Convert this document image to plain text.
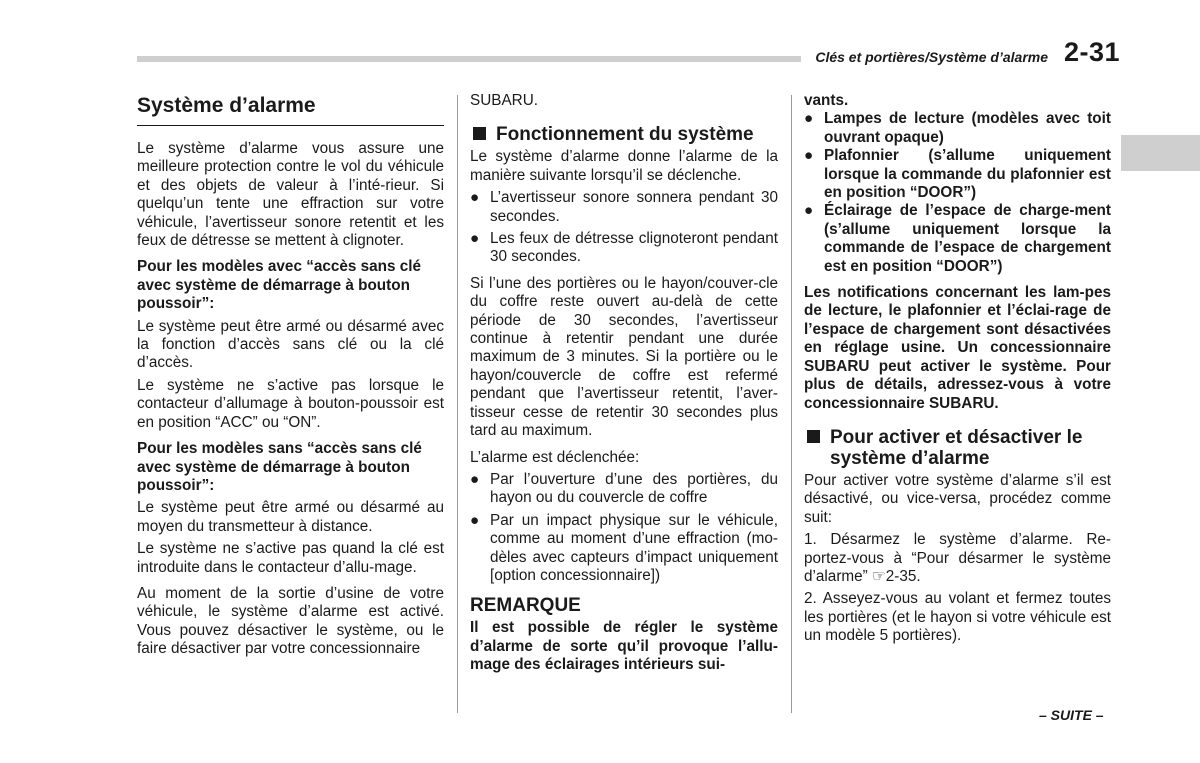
Clés et portières/Système d’alarme 2-31
Système d’alarme

Le système d’alarme vous assure une meilleure protection contre le vol du véhicule et des objets de valeur à l’inté-rieur. Si quelqu’un tente une effraction sur votre véhicule, l’avertisseur sonore retentit et les feux de détresse se mettent à clignoter.

Pour les modèles avec “accès sans clé avec système de démarrage à bouton poussoir”:

Le système peut être armé ou désarmé avec la fonction d’accès sans clé ou la clé d’accès.

Le système ne s’active pas lorsque le contacteur d’allumage à bouton-poussoir est en position “ACC” ou “ON”.

Pour les modèles sans “accès sans clé avec système de démarrage à bouton poussoir”:

Le système peut être armé ou désarmé au moyen du transmetteur à distance.

Le système ne s’active pas quand la clé est introduite dans le contacteur d’allu-mage.

Au moment de la sortie d’usine de votre véhicule, le système d’alarme est activé. Vous pouvez désactiver le système, ou le faire désactiver par votre concessionnaire

SUBARU.

Fonctionnement du système

Le système d’alarme donne l’alarme de la manière suivante lorsqu’il se déclenche.

● L’avertisseur sonore sonnera pendant 30 secondes.
● Les feux de détresse clignoteront pendant 30 secondes.

Si l’une des portières ou le hayon/couver-cle du coffre reste ouvert au-delà de cette période de 30 secondes, l’avertisseur continue à retentir pendant une durée maximum de 3 minutes. Si la portière ou le hayon/couvercle de coffre est refermé pendant que l’avertisseur retentit, l’aver-tisseur cesse de retentir 30 secondes plus tard au maximum.

L’alarme est déclenchée:

● Par l’ouverture d’une des portières, du hayon ou du couvercle de coffre
● Par un impact physique sur le véhicule, comme au moment d’une effraction (mo-dèles avec capteurs d’impact uniquement [option concessionnaire])
REMARQUE

Il est possible de régler le système d’alarme de sorte qu’il provoque l’allu-mage des éclairages intérieurs sui-

vants.

● Lampes de lecture (modèles avec toit ouvrant opaque)
● Plafonnier (s’allume uniquement lorsque la commande du plafonnier est en position “DOOR”)
● Éclairage de l’espace de charge-ment (s’allume uniquement lorsque la commande de l’espace de chargement est en position “DOOR”)

Les notifications concernant les lam-pes de lecture, le plafonnier et l’éclai-rage de l’espace de chargement sont désactivées en réglage usine. Un concessionnaire SUBARU peut activer le système. Pour plus de détails, adressez-vous à votre concessionnaire SUBARU.

Pour activer et désactiver le système d’alarme

Pour activer votre système d’alarme s’il est désactivé, ou vice-versa, procédez comme suit:

1. Désarmez le système d’alarme. Re-portez-vous à “Pour désarmer le système d’alarme” ☞2-35.

2. Asseyez-vous au volant et fermez toutes les portières (et le hayon si votre véhicule est un modèle 5 portières).

– SUITE –
